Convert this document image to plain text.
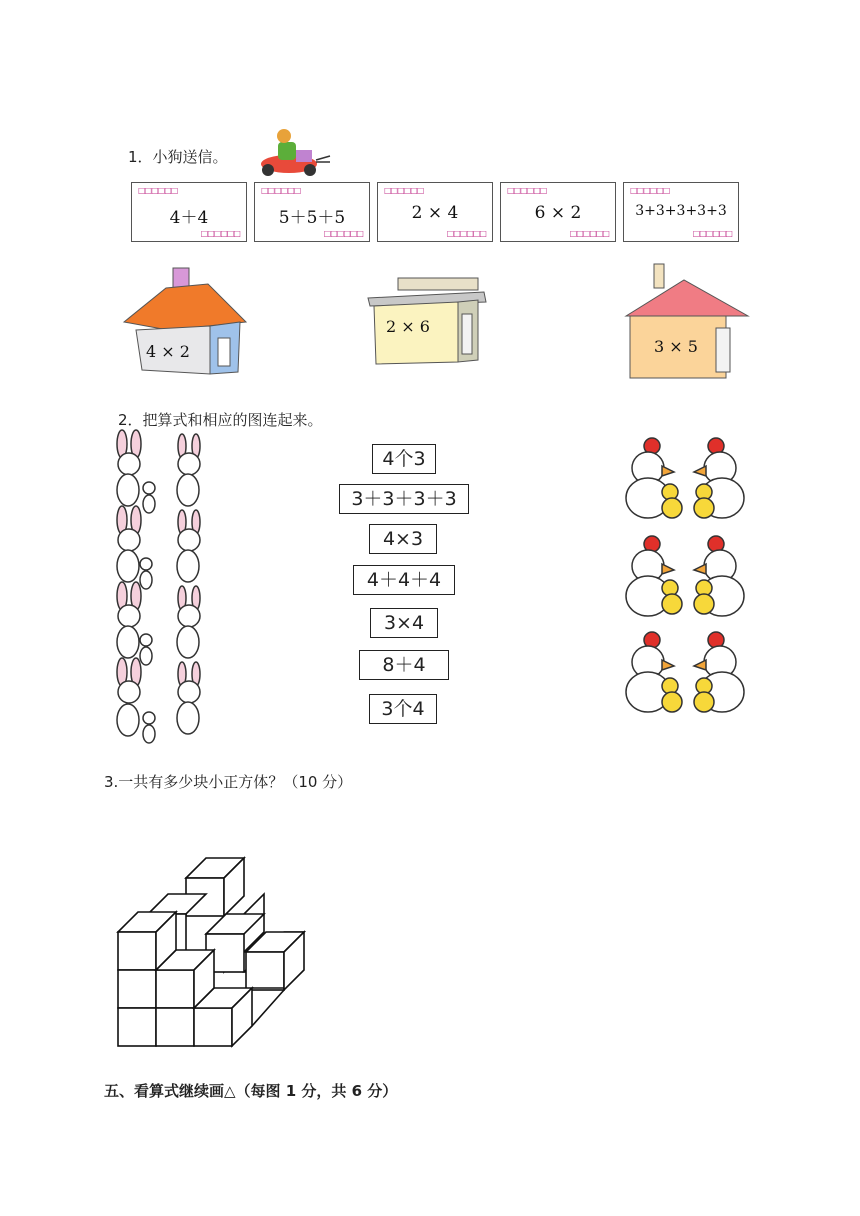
1．小狗送信。
□□□□□□
4＋4
□□□□□□
□□□□□□
5＋5＋5
□□□□□□
□□□□□□
2 × 4
□□□□□□
□□□□□□
6 × 2
□□□□□□
□□□□□□
3+3+3+3+3
□□□□□□
4 × 2
2 × 6
3 × 5
2．把算式和相应的图连起来。
4个3
3＋3＋3＋3
4×3
4＋4＋4
3×4
8＋4
3个4
3.一共有多少块小正方体？（10 分）
五、看算式继续画△（每图 1 分，共 6 分）
